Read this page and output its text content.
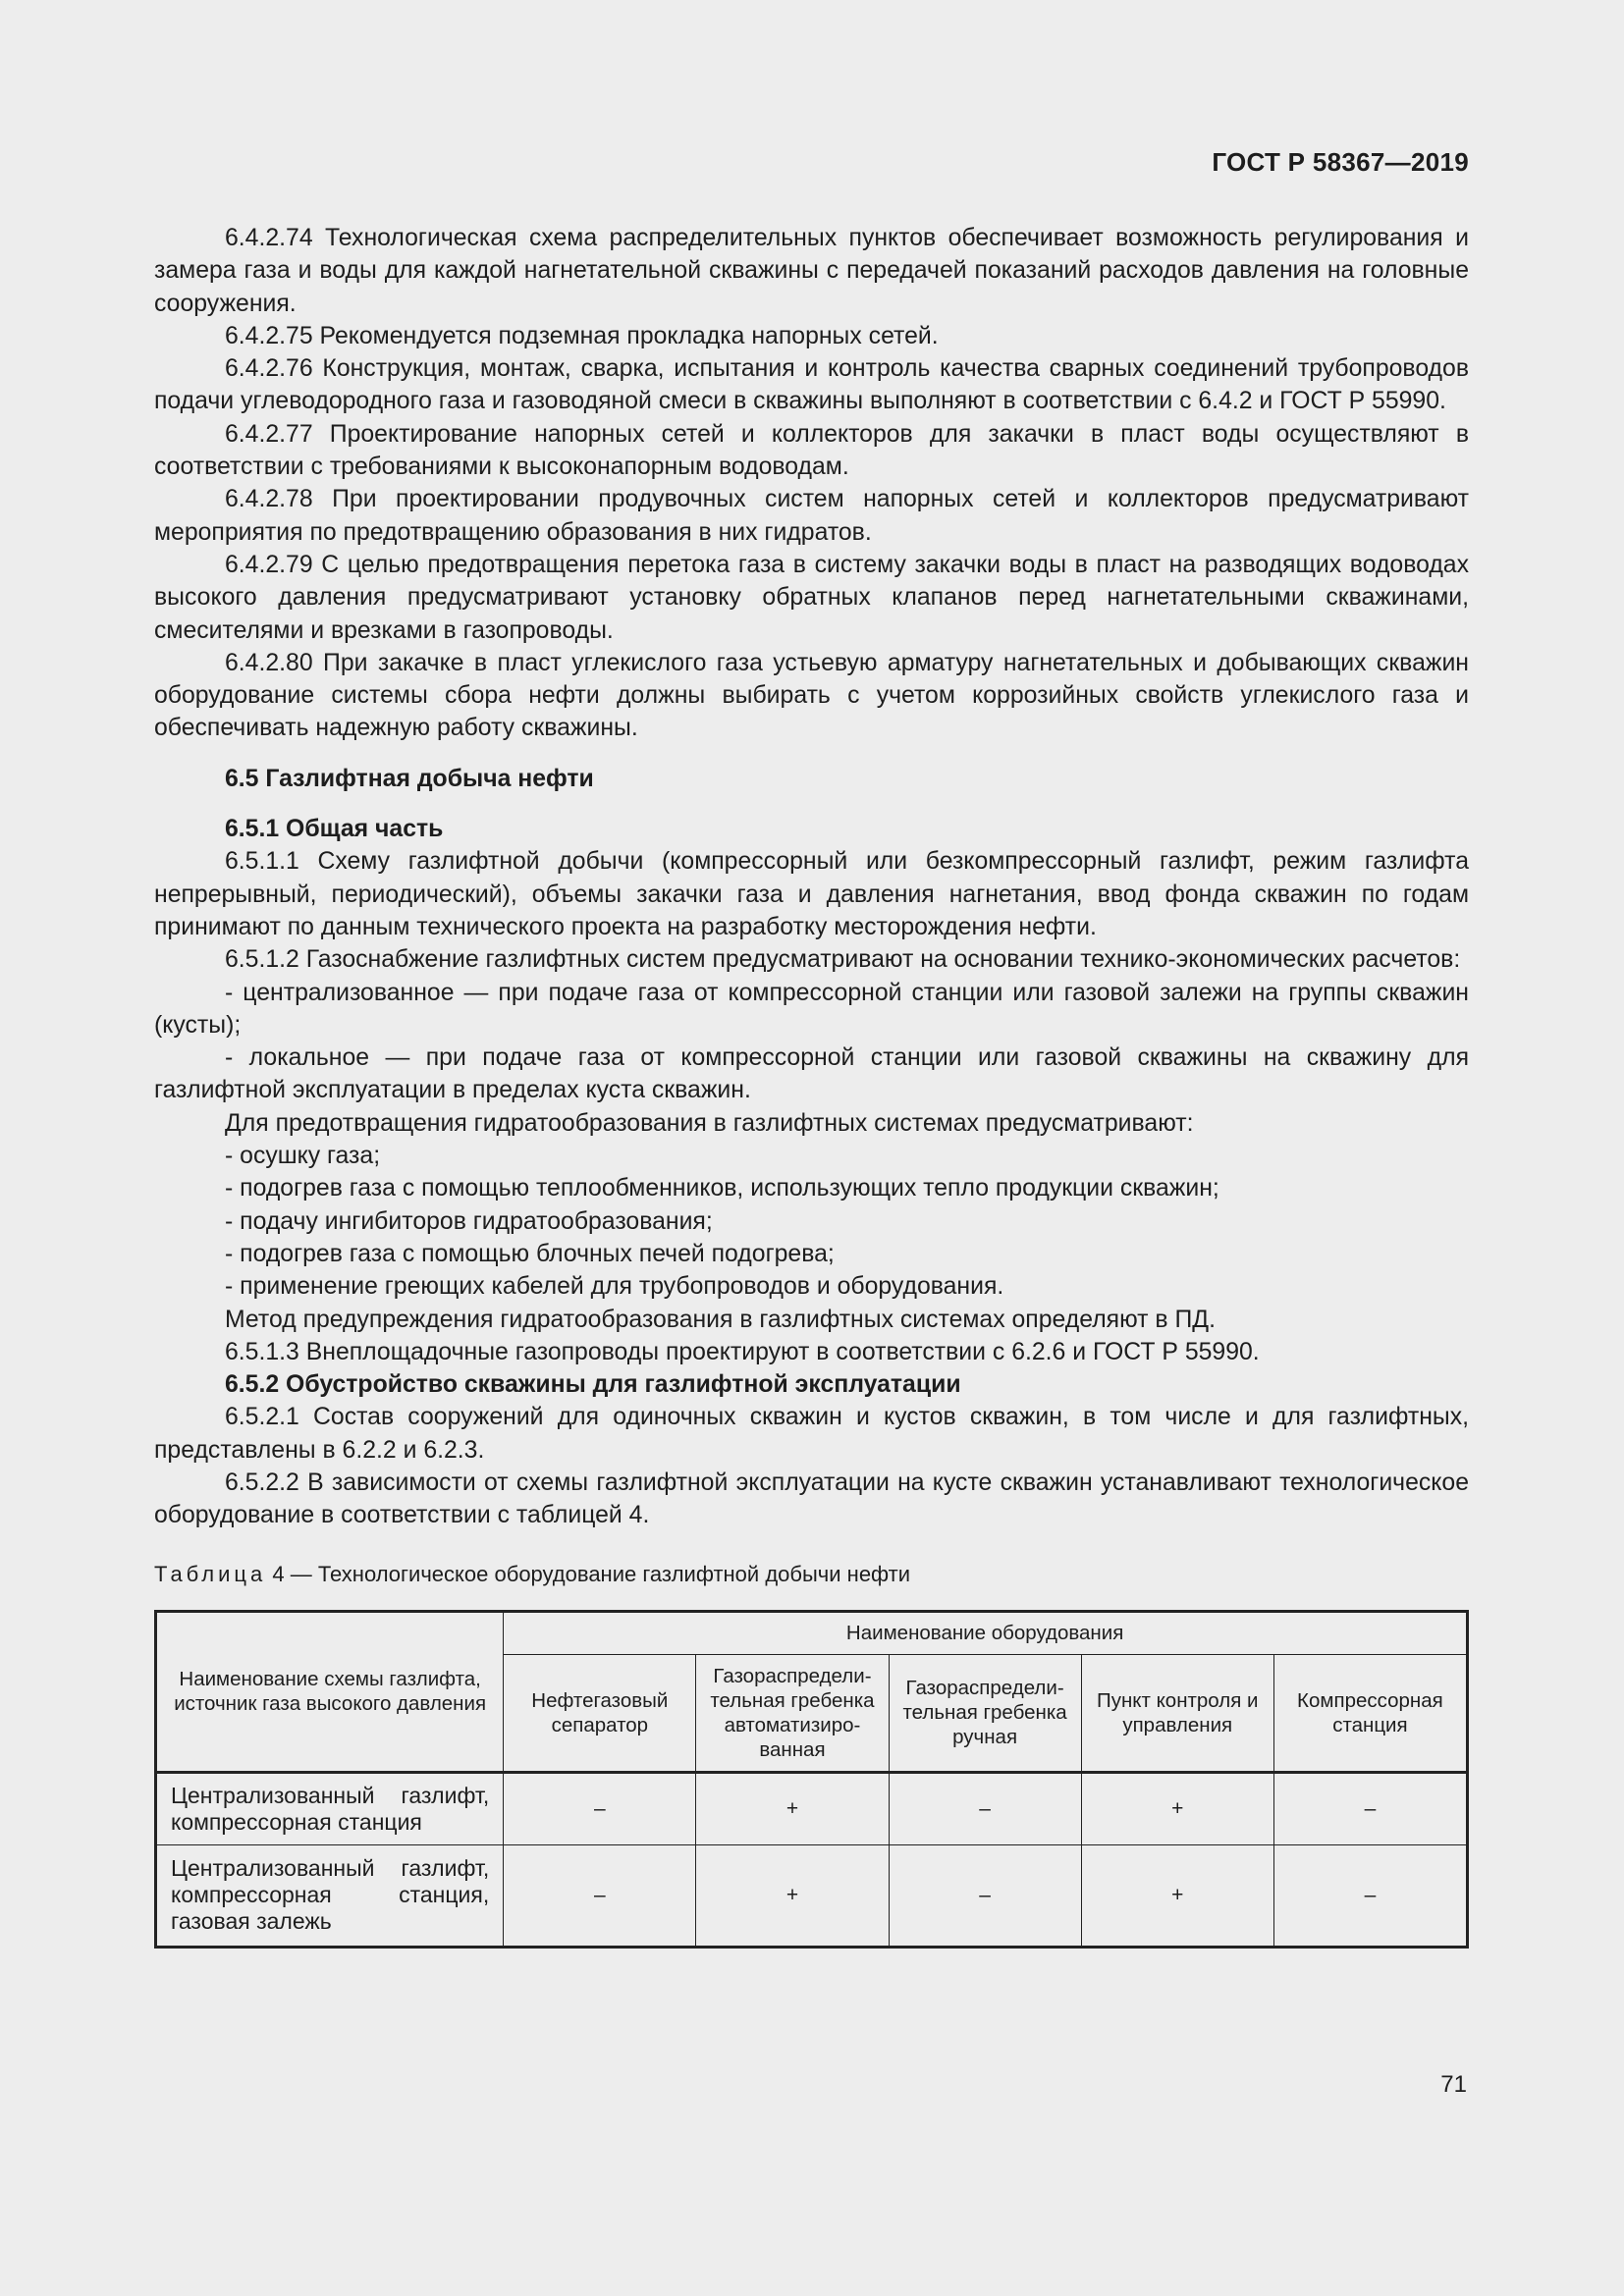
ГОСТ Р 58367—2019

6.4.2.74 Технологическая схема распределительных пунктов обеспечивает возможность регулирования и замера газа и воды для каждой нагнетательной скважины с передачей показаний расходов давления на головные сооружения.

6.4.2.75 Рекомендуется подземная прокладка напорных сетей.

6.4.2.76 Конструкция, монтаж, сварка, испытания и контроль качества сварных соединений трубопроводов подачи углеводородного газа и газоводяной смеси в скважины выполняют в соответствии с 6.4.2 и ГОСТ Р 55990.

6.4.2.77 Проектирование напорных сетей и коллекторов для закачки в пласт воды осуществляют в соответствии с требованиями к высоконапорным водоводам.

6.4.2.78 При проектировании продувочных систем напорных сетей и коллекторов предусматривают мероприятия по предотвращению образования в них гидратов.

6.4.2.79 С целью предотвращения перетока газа в систему закачки воды в пласт на разводящих водоводах высокого давления предусматривают установку обратных клапанов перед нагнетательными скважинами, смесителями и врезками в газопроводы.

6.4.2.80 При закачке в пласт углекислого газа устьевую арматуру нагнетательных и добывающих скважин оборудование системы сбора нефти должны выбирать с учетом коррозийных свойств углекислого газа и обеспечивать надежную работу скважины.

6.5 Газлифтная добыча нефти

6.5.1 Общая часть

6.5.1.1 Схему газлифтной добычи (компрессорный или безкомпрессорный газлифт, режим газлифта непрерывный, периодический), объемы закачки газа и давления нагнетания, ввод фонда скважин по годам принимают по данным технического проекта на разработку месторождения нефти.

6.5.1.2 Газоснабжение газлифтных систем предусматривают на основании технико-экономических расчетов:

- централизованное — при подаче газа от компрессорной станции или газовой залежи на группы скважин (кусты);

- локальное — при подаче газа от компрессорной станции или газовой скважины на скважину для газлифтной эксплуатации в пределах куста скважин.

Для предотвращения гидратообразования в газлифтных системах предусматривают:

- осушку газа;

- подогрев газа с помощью теплообменников, использующих тепло продукции скважин;

- подачу ингибиторов гидратообразования;

- подогрев газа с помощью блочных печей подогрева;

- применение греющих кабелей для трубопроводов и оборудования.

Метод предупреждения гидратообразования в газлифтных системах определяют в ПД.

6.5.1.3 Внеплощадочные газопроводы проектируют в соответствии с 6.2.6 и ГОСТ Р 55990.

6.5.2 Обустройство скважины для газлифтной эксплуатации

6.5.2.1 Состав сооружений для одиночных скважин и кустов скважин, в том числе и для газлифтных, представлены в 6.2.2 и 6.2.3.

6.5.2.2 В зависимости от схемы газлифтной эксплуатации на кусте скважин устанавливают технологическое оборудование в соответствии с таблицей 4.

Таблица 4 — Технологическое оборудование газлифтной добычи нефти
Наименование схемы газлифта, источник газа высокого давления	Наименование оборудования				
	Нефтегазовый сепаратор	Газораспределительная гребенка автоматизированная	Газораспределительная гребенка ручная	Пункт контроля и управления	Компрессорная станция
Централизованный газлифт, компрессорная станция	–	+	–	+	–
Централизованный газлифт, компрессорная станция, газовая залежь	–	+	–	+	–
71
